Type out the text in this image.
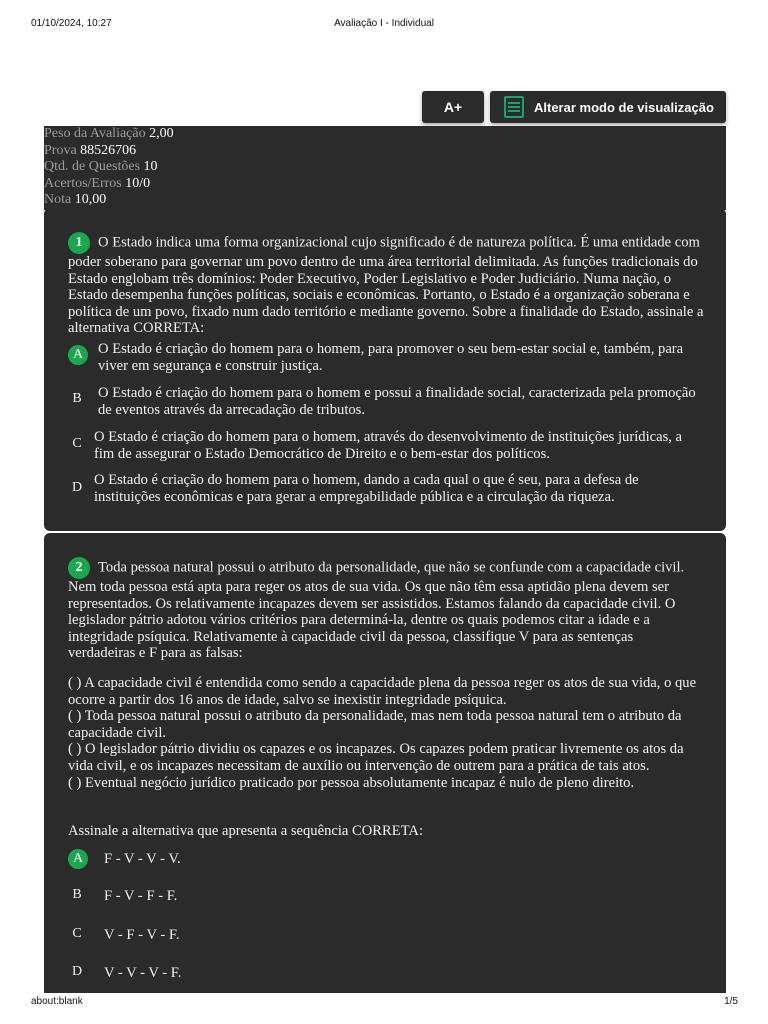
01/10/2024, 10:27	Avaliação I - Individual
A+	Alterar modo de visualização
Peso da Avaliação 2,00
Prova 88526706
Qtd. de Questões 10
Acertos/Erros 10/0
Nota 10,00
1 O Estado indica uma forma organizacional cujo significado é de natureza política. É uma entidade com poder soberano para governar um povo dentro de uma área territorial delimitada. As funções tradicionais do Estado englobam três domínios: Poder Executivo, Poder Legislativo e Poder Judiciário. Numa nação, o Estado desempenha funções políticas, sociais e econômicas. Portanto, o Estado é a organização soberana e política de um povo, fixado num dado território e mediante governo. Sobre a finalidade do Estado, assinale a alternativa CORRETA:
A	O Estado é criação do homem para o homem, para promover o seu bem-estar social e, também, para viver em segurança e construir justiça.
B O Estado é criação do homem para o homem e possui a finalidade social, caracterizada pela promoção de eventos através da arrecadação de tributos.
C O Estado é criação do homem para o homem, através do desenvolvimento de instituições jurídicas, a fim de assegurar o Estado Democrático de Direito e o bem-estar dos políticos.
D O Estado é criação do homem para o homem, dando a cada qual o que é seu, para a defesa de instituições econômicas e para gerar a empregabilidade pública e a circulação da riqueza.
2 Toda pessoa natural possui o atributo da personalidade, que não se confunde com a capacidade civil. Nem toda pessoa está apta para reger os atos de sua vida. Os que não têm essa aptidão plena devem ser representados. Os relativamente incapazes devem ser assistidos. Estamos falando da capacidade civil. O legislador pátrio adotou vários critérios para determiná-la, dentre os quais podemos citar a idade e a integridade psíquica. Relativamente à capacidade civil da pessoa, classifique V para as sentenças verdadeiras e F para as falsas:

( ) A capacidade civil é entendida como sendo a capacidade plena da pessoa reger os atos de sua vida, o que ocorre a partir dos 16 anos de idade, salvo se inexistir integridade psíquica.

( ) Toda pessoa natural possui o atributo da personalidade, mas nem toda pessoa natural tem o atributo da capacidade civil.

( ) O legislador pátrio dividiu os capazes e os incapazes. Os capazes podem praticar livremente os atos da vida civil, e os incapazes necessitam de auxílio ou intervenção de outrem para a prática de tais atos.

( ) Eventual negócio jurídico praticado por pessoa absolutamente incapaz é nulo de pleno direito.

Assinale a alternativa que apresenta a sequência CORRETA:
A	F - V - V - V.
B F - V - F - F.
C V - F - V - F.
D V - V - V - F.
about:blank	1/5
